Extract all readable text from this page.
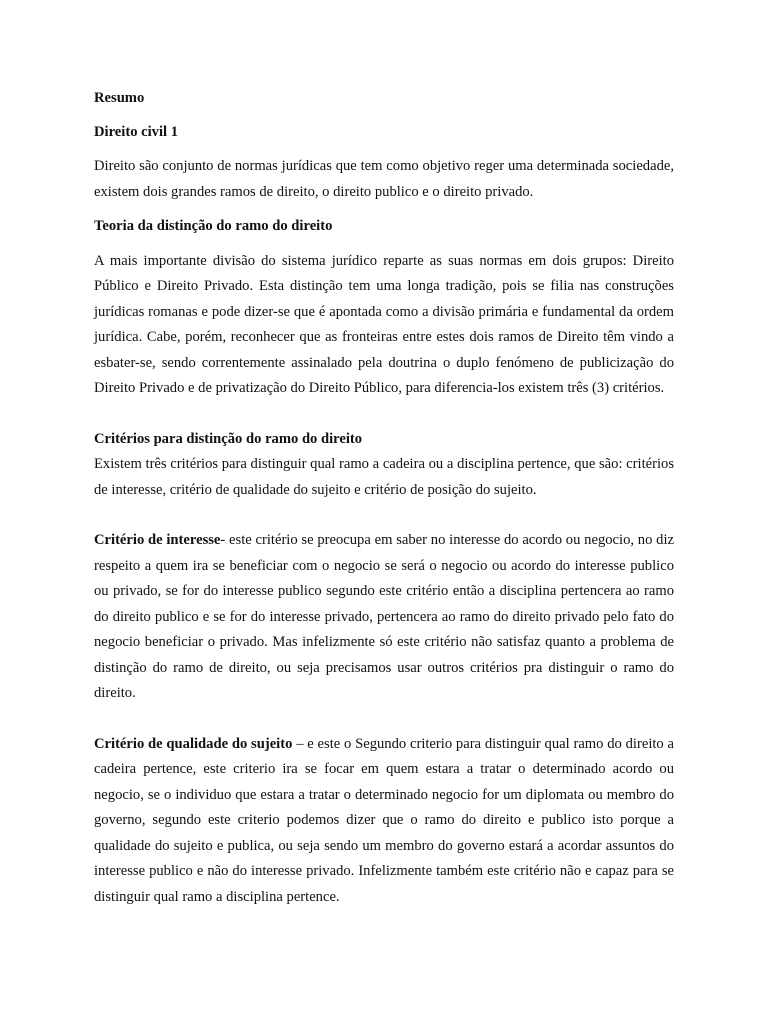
Resumo

Direito civil 1

Direito são conjunto de normas jurídicas que tem como objetivo reger uma determinada sociedade, existem dois grandes ramos de direito, o direito publico e o direito privado.

Teoria da distinção do ramo do direito

A mais importante divisão do sistema jurídico reparte as suas normas em dois grupos: Direito Público e Direito Privado. Esta distinção tem uma longa tradição, pois se filia nas construções jurídicas romanas e pode dizer-se que é apontada como a divisão primária e fundamental da ordem jurídica. Cabe, porém, reconhecer que as fronteiras entre estes dois ramos de Direito têm vindo a esbater-se, sendo correntemente assinalado pela doutrina o duplo fenómeno de publicização do Direito Privado e de privatização do Direito Público, para diferencia-los existem três (3) critérios.

Critérios para distinção do ramo do direito

Existem três critérios para distinguir qual ramo a cadeira ou a disciplina pertence, que são: critérios de interesse, critério de qualidade do sujeito e critério de posição do sujeito.

Critério de interesse- este critério se preocupa em saber no interesse do acordo ou negocio, no diz respeito a quem ira se beneficiar com o negocio se será o negocio ou acordo do interesse publico ou privado, se for do interesse publico segundo este critério então a disciplina pertencera ao ramo do direito publico e se for do interesse privado, pertencera ao ramo do direito privado pelo fato do negocio beneficiar o privado. Mas infelizmente só este critério não satisfaz quanto a problema de distinção do ramo de direito, ou seja precisamos usar outros critérios pra distinguir o ramo do direito.

Critério de qualidade do sujeito – e este o Segundo criterio para distinguir qual ramo do direito a cadeira pertence, este criterio ira se focar em quem estara a tratar o determinado acordo ou negocio, se o individuo que estara a tratar o determinado negocio for um diplomata ou membro do governo, segundo este criterio podemos dizer que o ramo do direito e publico isto porque a qualidade do sujeito e publica, ou seja sendo um membro do governo estará a acordar assuntos do interesse publico e não do interesse privado. Infelizmente também este critério não e capaz para se distinguir qual ramo a disciplina pertence.
